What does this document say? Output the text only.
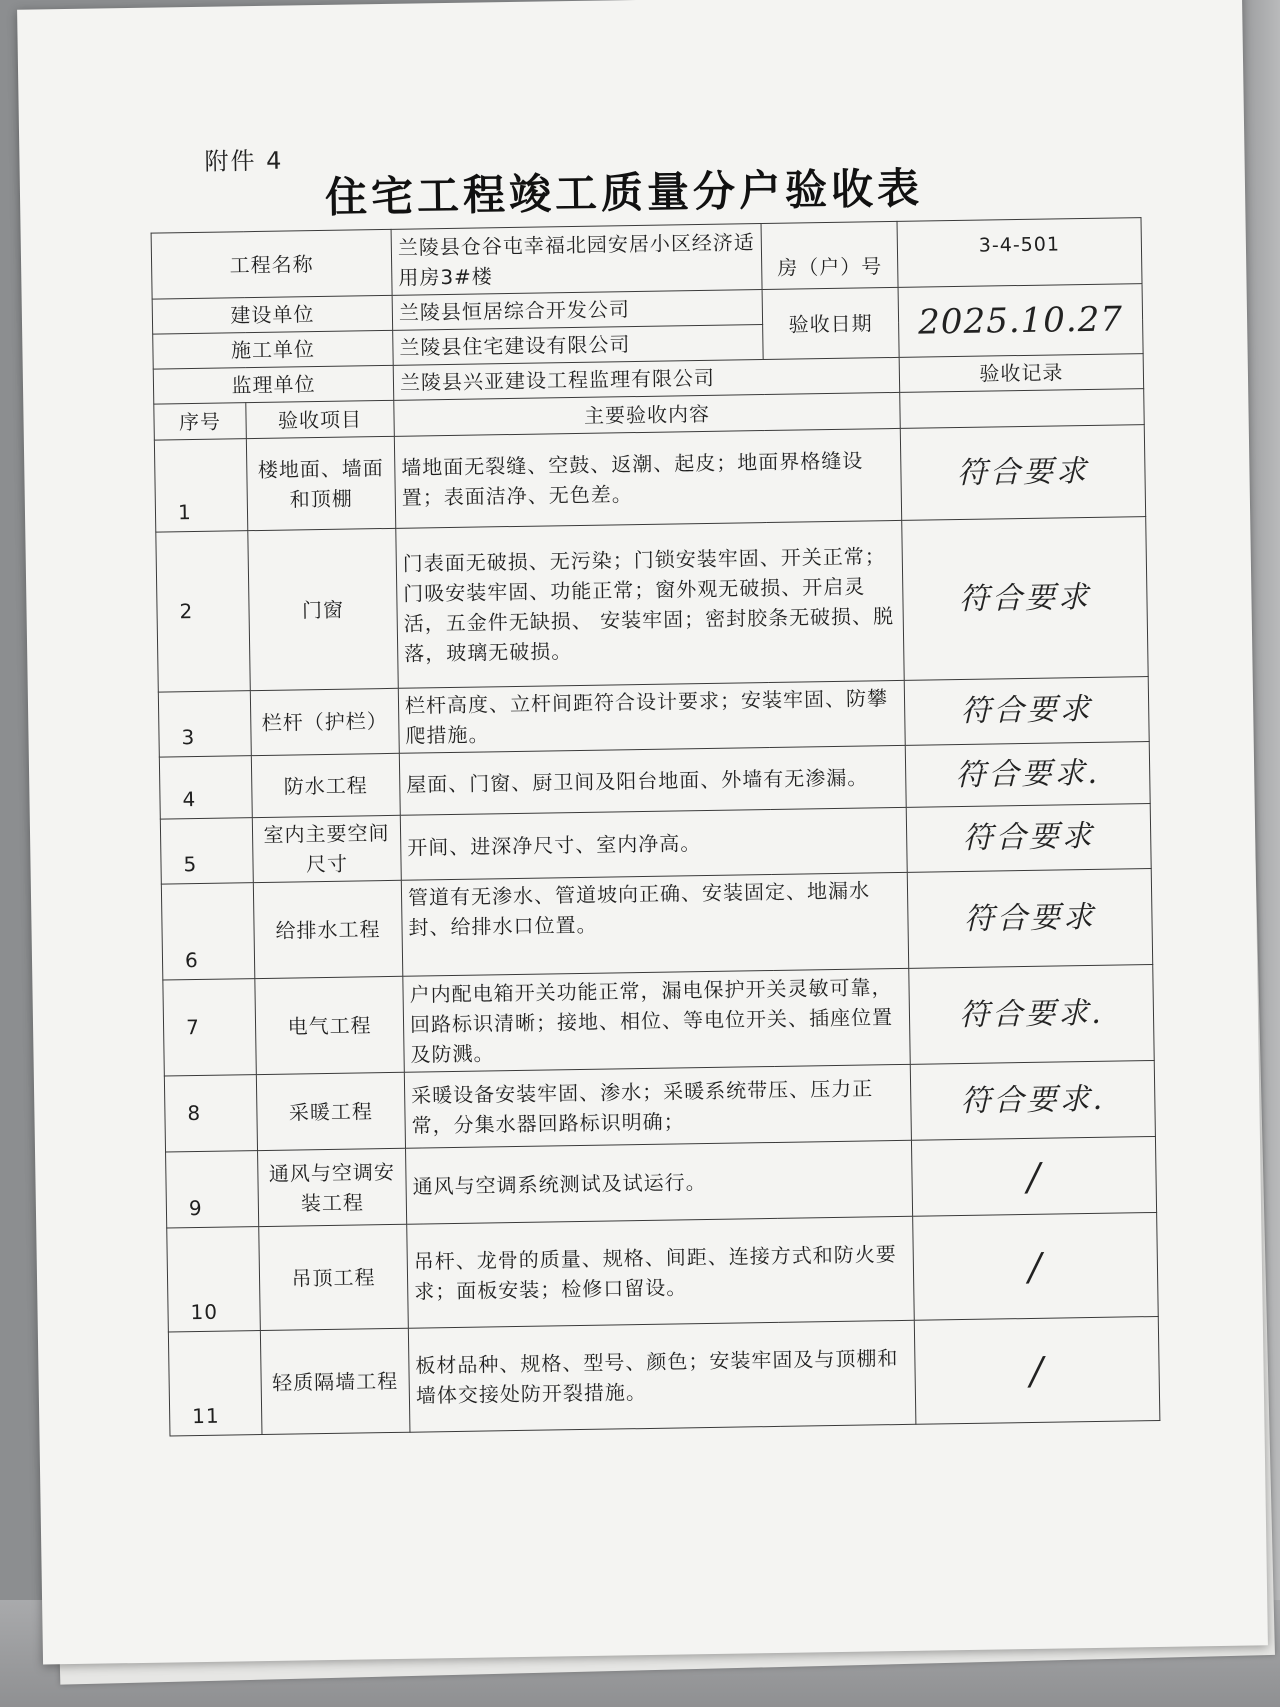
附件 4
住宅工程竣工质量分户验收表
工程名称		兰陵县仓谷屯幸福北园安居小区经济适用房3#楼	房（户）号	3-4-501
建设单位		兰陵县恒居综合开发公司	验收日期	2025.10.27
施工单位		兰陵县住宅建设有限公司		
监理单位		兰陵县兴亚建设工程监理有限公司		验收记录
序号	验收项目	主要验收内容		
1	楼地面、墙面和顶棚	墙地面无裂缝、空鼓、返潮、起皮；地面界格缝设置；表面洁净、无色差。		符合要求
2	门窗	门表面无破损、无污染；门锁安装牢固、开关正常；门吸安装牢固、功能正常；窗外观无破损、开启灵活，五金件无缺损、 安装牢固；密封胶条无破损、脱落，玻璃无破损。		符合要求
3	栏杆（护栏）	栏杆高度、立杆间距符合设计要求；安装牢固、防攀爬措施。		符合要求
4	防水工程	屋面、门窗、厨卫间及阳台地面、外墙有无渗漏。		符合要求.
5	室内主要空间尺寸	开间、进深净尺寸、室内净高。		符合要求
6	给排水工程	管道有无渗水、管道坡向正确、安装固定、地漏水封、给排水口位置。		符合要求
7	电气工程	户内配电箱开关功能正常，漏电保护开关灵敏可靠，回路标识清晰；接地、相位、等电位开关、插座位置及防溅。		符合要求.
8	采暖工程	采暖设备安装牢固、渗水；采暖系统带压、压力正常，分集水器回路标识明确；		符合要求.
9	通风与空调安装工程	通风与空调系统测试及试运行。		/
10	吊顶工程	吊杆、龙骨的质量、规格、间距、连接方式和防火要求；面板安装；检修口留设。		/
11	轻质隔墙工程	板材品种、规格、型号、颜色；安装牢固及与顶棚和墙体交接处防开裂措施。		/
